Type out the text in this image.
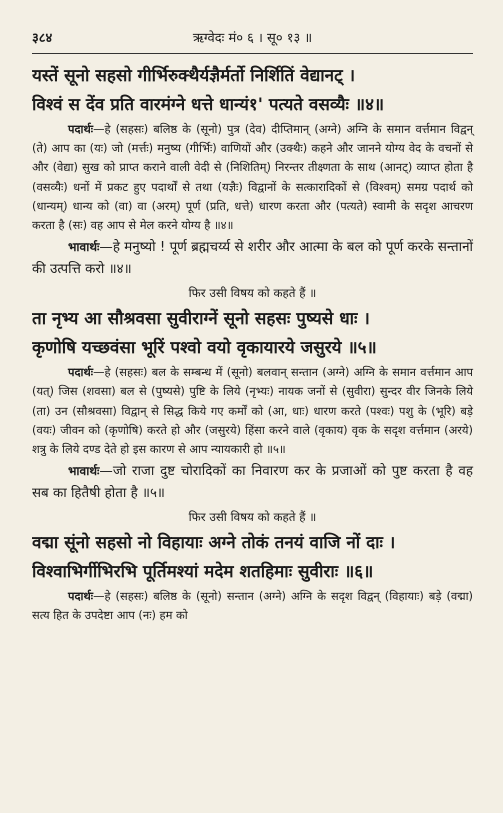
३८४	ऋग्वेदः मं० ६ । सू० १३ ॥
यस्तें सूनो सहसो गीर्भिरुक्थैर्यज्ञैर्मर्तो निर्शितिं वेद्यानट् ।
विश्वं स देंव प्रति वारमंग्ने धत्ते धान्यं१' पत्यते वसव्यैः ॥४॥

पदार्थः—हे (सहसः) बलिष्ठ के (सूनो) पुत्र (देव) दीप्तिमान् (अग्ने) अग्नि के समान वर्त्तमान विद्वन् (ते) आप का (यः) जो (मर्त्तः) मनुष्य (गीर्भिः) वाणियों और (उक्थैः) कहने और जानने योग्य वेद के वचनों से और (वेद्या) सुख को प्राप्त कराने वाली वेदी से (निशितिम्) निरन्तर तीक्ष्णता के साथ (आनट्) व्याप्त होता है (वसव्यैः) धनों में प्रकट हुए पदार्थों से तथा (यज्ञैः) विद्वानों के सत्कारादिकों से (विश्वम्) समग्र पदार्थ को (धान्यम्) धान्य को (वा) वा (अरम्) पूर्ण (प्रति, धत्ते) धारण करता और (पत्यते) स्वामी के सदृश आचरण करता है (सः) वह आप से मेल करने योग्य है ॥४॥

भावार्थः—हे मनुष्यो ! पूर्ण ब्रह्मचर्य्य से शरीर और आत्मा के बल को पूर्ण करके सन्तानों की उत्पत्ति करो ॥४॥

फिर उसी विषय को कहते हैं ॥
ता नृभ्य आ सौश्रवसा सुवीराग्नें सूनो सहसः पुष्यसे धाः ।
कृणोषि यच्छवंसा भूरिं पश्वो वयो वृकायारये जसुरये ॥५॥

पदार्थः—हे (सहसः) बल के सम्बन्ध में (सूनो) बलवान् सन्तान (अग्ने) अग्नि के समान वर्त्तमान आप (यत्) जिस (शवसा) बल से (पुष्यसे) पुष्टि के लिये (नृभ्यः) नायक जनों से (सुवीरा) सुन्दर वीर जिनके लिये (ता) उन (सौश्रवसा) विद्वान् से सिद्ध किये गए कर्मों को (आ, धाः) धारण करते (पश्वः) पशु के (भूरि) बड़े (वयः) जीवन को (कृणोषि) करते हो और (जसुरये) हिंसा करने वाले (वृकाय) वृक के सदृश वर्त्तमान (अरये) शत्रु के लिये दण्ड देते हो इस कारण से आप न्यायकारी हो ॥५॥

भावार्थः—जो राजा दुष्ट चोरादिकों का निवारण कर के प्रजाओं को पुष्ट करता है वह सब का हितैषी होता है ॥५॥

फिर उसी विषय को कहते हैं ॥
वद्मा सूंनो सहसो नो विहायाः अग्ने तोकं तनयं वाजि नों दाः ।
विश्वाभिर्गीभिरभि पूर्तिमश्यां मदेम शतहिमाः सुवीराः ॥६॥

पदार्थः—हे (सहसः) बलिष्ठ के (सूनो) सन्तान (अग्ने) अग्नि के सदृश विद्वन् (विहायाः) बड़े (वद्मा) सत्य हित के उपदेष्टा आप (नः) हम को
